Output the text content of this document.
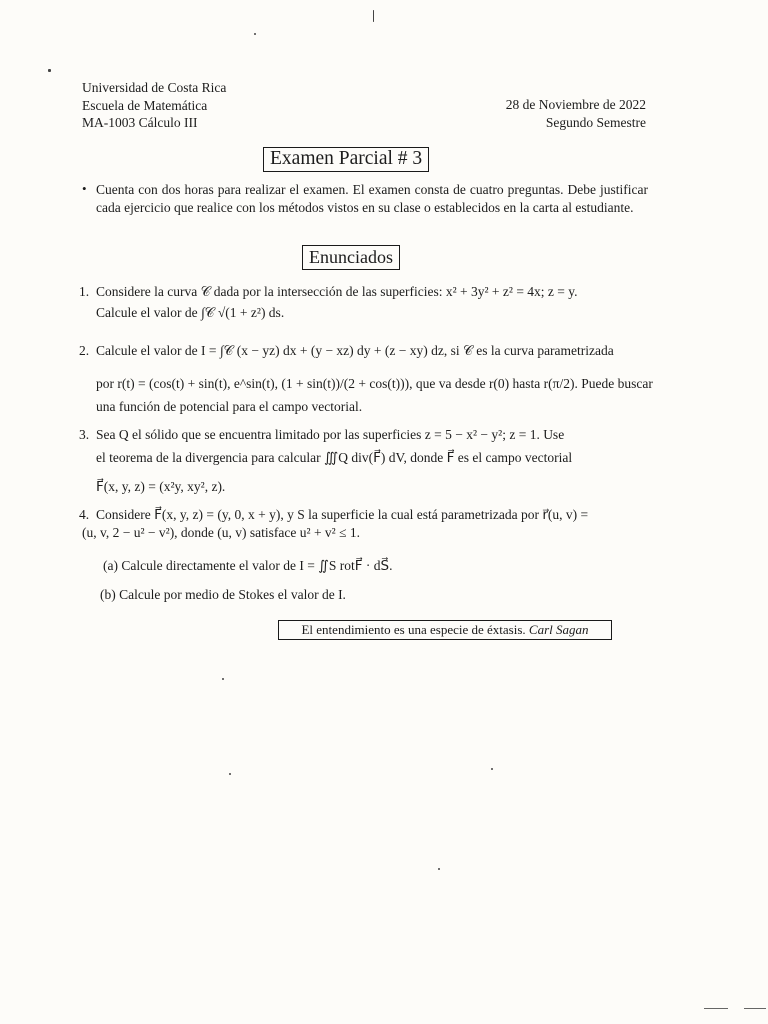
Universidad de Costa Rica
Escuela de Matemática
MA-1003 Cálculo III
28 de Noviembre de 2022
Segundo Semestre
Examen Parcial # 3
• Cuenta con dos horas para realizar el examen. El examen consta de cuatro preguntas. Debe justificar cada ejercicio que realice con los métodos vistos en su clase o establecidos en la carta al estudiante.
Enunciados
1. Considere la curva 𝒞 dada por la intersección de las superficies: x² + 3y² + z² = 4x; z = y.
Calcule el valor de ∫𝒞 √(1 + z²) ds.
2. Calcule el valor de I = ∫𝒞 (x − yz) dx + (y − xz) dy + (z − xy) dz, si 𝒞 es la curva parametrizada
por r(t) = (cos(t) + sin(t), e^sin(t), (1 + sin(t))/(2 + cos(t))), que va desde r(0) hasta r(π/2). Puede buscar
una función de potencial para el campo vectorial.
3. Sea Q el sólido que se encuentra limitado por las superficies z = 5 − x² − y²; z = 1. Use
el teorema de la divergencia para calcular ∭Q div(F⃗) dV, donde F⃗ es el campo vectorial
F⃗(x, y, z) = (x²y, xy², z).
4. Considere F⃗(x, y, z) = (y, 0, x + y), y S la superficie la cual está parametrizada por r⃗(u, v) =
(u, v, 2 − u² − v²), donde (u, v) satisface u² + v² ≤ 1.
(a) Calcule directamente el valor de I = ∬S rotF⃗ · dS⃗.
(b) Calcule por medio de Stokes el valor de I.
El entendimiento es una especie de éxtasis. Carl Sagan
